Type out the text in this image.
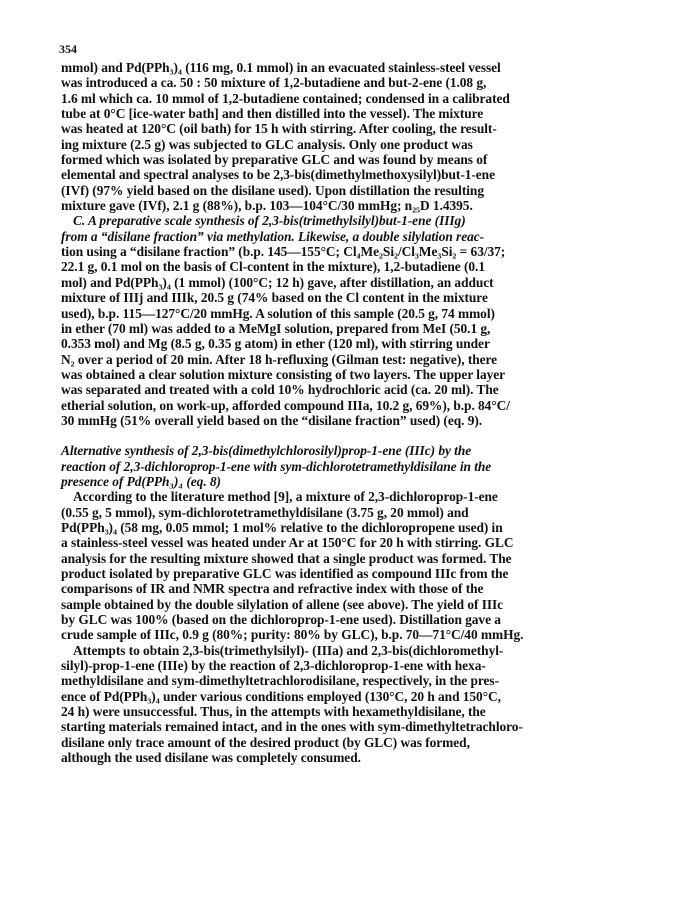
354
mmol) and Pd(PPh₃)₄ (116 mg, 0.1 mmol) in an evacuated stainless-steel vessel
was introduced a ca. 50 : 50 mixture of 1,2-butadiene and but-2-ene (1.08 g,
1.6 ml which ca. 10 mmol of 1,2-butadiene contained; condensed in a calibrated
tube at 0°C [ice-water bath] and then distilled into the vessel). The mixture
was heated at 120°C (oil bath) for 15 h with stirring. After cooling, the result-
ing mixture (2.5 g) was subjected to GLC analysis. Only one product was
formed which was isolated by preparative GLC and was found by means of
elemental and spectral analyses to be 2,3-bis(dimethylmethoxysilyl)but-1-ene
(IVf) (97% yield based on the disilane used). Upon distillation the resulting
mixture gave (IVf), 2.1 g (88%), b.p. 103—104°C/30 mmHg; n₂₅D 1.4395.
C. A preparative scale synthesis of 2,3-bis(trimethylsilyl)but-1-ene (IIIg)
from a “disilane fraction” via methylation. Likewise, a double silylation reac-
tion using a “disilane fraction” (b.p. 145—155°C; Cl₄Me₂Si₂/Cl₃Me₃Si₂ = 63/37;
22.1 g, 0.1 mol on the basis of Cl-content in the mixture), 1,2-butadiene (0.1
mol) and Pd(PPh₃)₄ (1 mmol) (100°C; 12 h) gave, after distillation, an adduct
mixture of IIIj and IIIk, 20.5 g (74% based on the Cl content in the mixture
used), b.p. 115—127°C/20 mmHg. A solution of this sample (20.5 g, 74 mmol)
in ether (70 ml) was added to a MeMgI solution, prepared from MeI (50.1 g,
0.353 mol) and Mg (8.5 g, 0.35 g atom) in ether (120 ml), with stirring under
N₂ over a period of 20 min. After 18 h-refluxing (Gilman test: negative), there
was obtained a clear solution mixture consisting of two layers. The upper layer
was separated and treated with a cold 10% hydrochloric acid (ca. 20 ml). The
etherial solution, on work-up, afforded compound IIIa, 10.2 g, 69%), b.p. 84°C/
30 mmHg (51% overall yield based on the “disilane fraction” used) (eq. 9).
Alternative synthesis of 2,3-bis(dimethylchlorosilyl)prop-1-ene (IIIc) by the
reaction of 2,3-dichloroprop-1-ene with sym-dichlorotetramethyldisilane in the
presence of Pd(PPh₃)₄ (eq. 8)
According to the literature method [9], a mixture of 2,3-dichloroprop-1-ene
(0.55 g, 5 mmol), sym-dichlorotetramethyldisilane (3.75 g, 20 mmol) and
Pd(PPh₃)₄ (58 mg, 0.05 mmol; 1 mol% relative to the dichloropropene used) in
a stainless-steel vessel was heated under Ar at 150°C for 20 h with stirring. GLC
analysis for the resulting mixture showed that a single product was formed. The
product isolated by preparative GLC was identified as compound IIIc from the
comparisons of IR and NMR spectra and refractive index with those of the
sample obtained by the double silylation of allene (see above). The yield of IIIc
by GLC was 100% (based on the dichloroprop-1-ene used). Distillation gave a
crude sample of IIIc, 0.9 g (80%; purity: 80% by GLC), b.p. 70—71°C/40 mmHg.
Attempts to obtain 2,3-bis(trimethylsilyl)- (IIIa) and 2,3-bis(dichloromethyl-
silyl)-prop-1-ene (IIIe) by the reaction of 2,3-dichloroprop-1-ene with hexa-
methyldisilane and sym-dimethyltetrachlorodisilane, respectively, in the pres-
ence of Pd(PPh₃)₄ under various conditions employed (130°C, 20 h and 150°C,
24 h) were unsuccessful. Thus, in the attempts with hexamethyldisilane, the
starting materials remained intact, and in the ones with sym-dimethyltetrachloro-
disilane only trace amount of the desired product (by GLC) was formed,
although the used disilane was completely consumed.
